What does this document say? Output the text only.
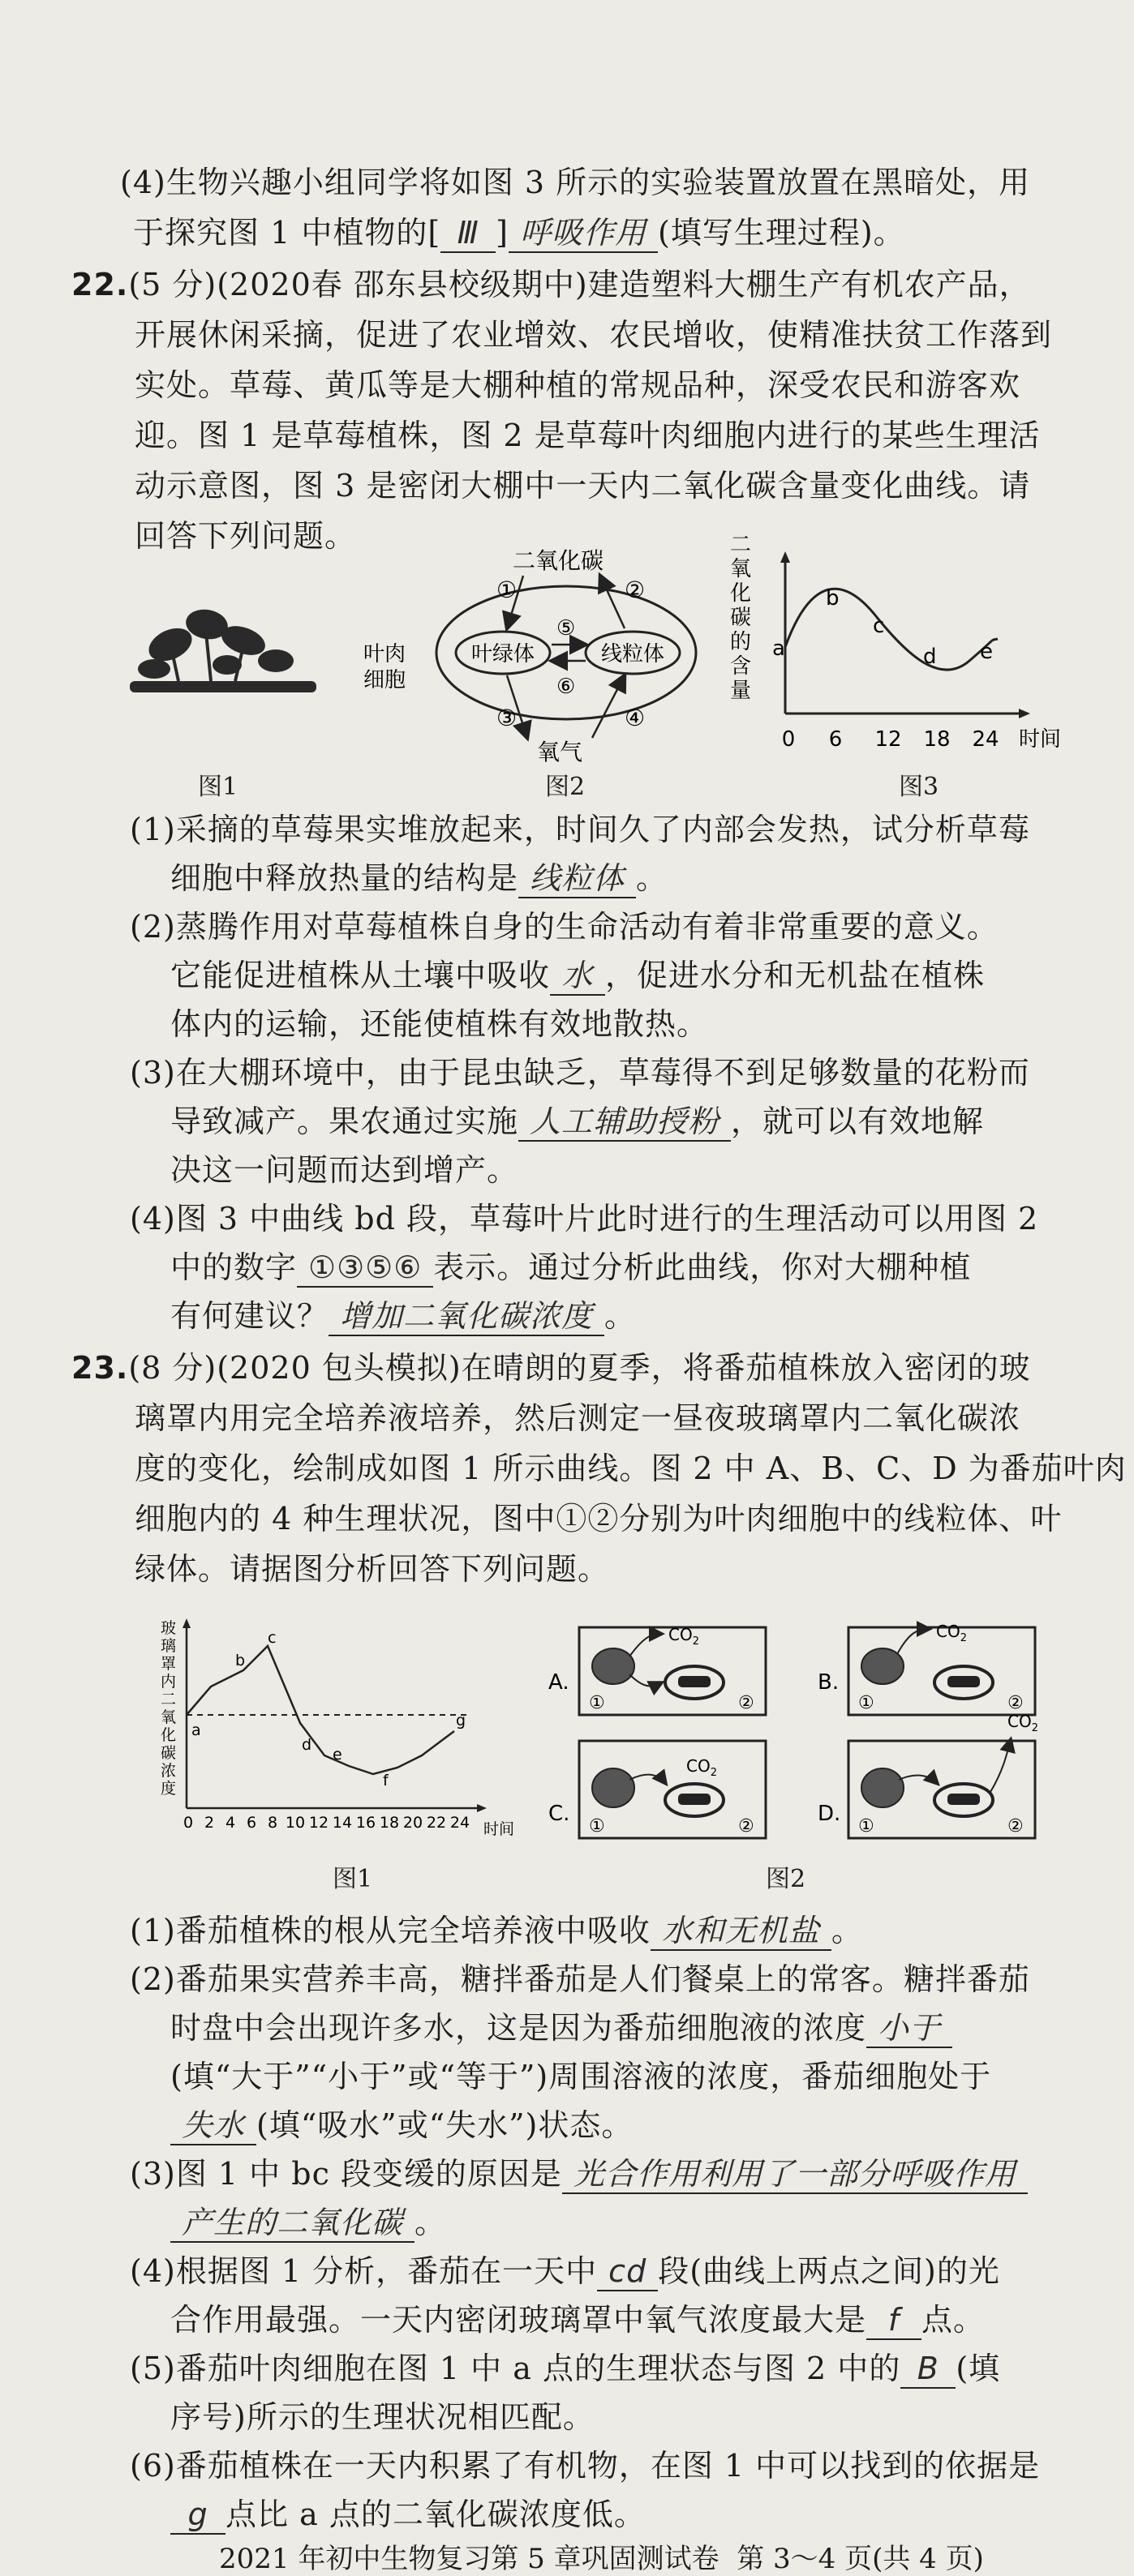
(4)生物兴趣小组同学将如图 3 所示的实验装置放置在黑暗处，用
于探究图 1 中植物的[ Ⅲ ] 呼吸作用 (填写生理过程)。
22.(5 分)(2020春 邵东县校级期中)建造塑料大棚生产有机农产品，
开展休闲采摘，促进了农业增效、农民增收，使精准扶贫工作落到
实处。草莓、黄瓜等是大棚种植的常规品种，深受农民和游客欢
迎。图 1 是草莓植株，图 2 是草莓叶肉细胞内进行的某些生理活
动示意图，图 3 是密闭大棚中一天内二氧化碳含量变化曲线。请
回答下列问题。
图1
二氧化碳
叶肉
细胞
叶绿体	线粒体
①	②
③	④
⑤
⑥
氧气
图2
二
氧
化
碳
的
含
量
a
b
c
d e
0 6 12 18 24 时间
图3
(1)采摘的草莓果实堆放起来，时间久了内部会发热，试分析草莓
细胞中释放热量的结构是 线粒体 。
(2)蒸腾作用对草莓植株自身的生命活动有着非常重要的意义。
它能促进植株从土壤中吸收 水 ，促进水分和无机盐在植株
体内的运输，还能使植株有效地散热。
(3)在大棚环境中，由于昆虫缺乏，草莓得不到足够数量的花粉而
导致减产。果农通过实施 人工辅助授粉 ，就可以有效地解
决这一问题而达到增产。
(4)图 3 中曲线 bd 段，草莓叶片此时进行的生理活动可以用图 2
中的数字 ①③⑤⑥ 表示。通过分析此曲线，你对大棚种植
有何建议？ 增加二氧化碳浓度 。
23.(8 分)(2020 包头模拟)在晴朗的夏季，将番茄植株放入密闭的玻
璃罩内用完全培养液培养，然后测定一昼夜玻璃罩内二氧化碳浓
度的变化，绘制成如图 1 所示曲线。图 2 中 A、B、C、D 为番茄叶肉
细胞内的 4 种生理状况，图中①②分别为叶肉细胞中的线粒体、叶
绿体。请据图分析回答下列问题。
玻
璃
罩
内
二
氧
化
碳
浓
度
a
b
c
d
e
f
g
0 2 4 6 8 10 12 14 16 18 20 22 24 时间
图1
A.
$CO_2$
①	②
B.
$CO_2$
①	②
C.
$CO_2$
①	②
D.
$CO_2$
①	②
图2
(1)番茄植株的根从完全培养液中吸收 水和无机盐 。
(2)番茄果实营养丰高，糖拌番茄是人们餐桌上的常客。糖拌番茄
时盘中会出现许多水，这是因为番茄细胞液的浓度 小于
(填“大于”“小于”或“等于”)周围溶液的浓度，番茄细胞处于
失水 (填“吸水”或“失水”)状态。
(3)图 1 中 bc 段变缓的原因是 光合作用利用了一部分呼吸作用
产生的二氧化碳 。
(4)根据图 1 分析，番茄在一天中 cd 段(曲线上两点之间)的光
合作用最强。一天内密闭玻璃罩中氧气浓度最大是 f 点。
(5)番茄叶肉细胞在图 1 中 a 点的生理状态与图 2 中的 B (填
序号)所示的生理状况相匹配。
(6)番茄植株在一天内积累了有机物，在图 1 中可以找到的依据是
g 点比 a 点的二氧化碳浓度低。
2021 年初中生物复习第 5 章巩固测试卷 第 3～4 页(共 4 页)
